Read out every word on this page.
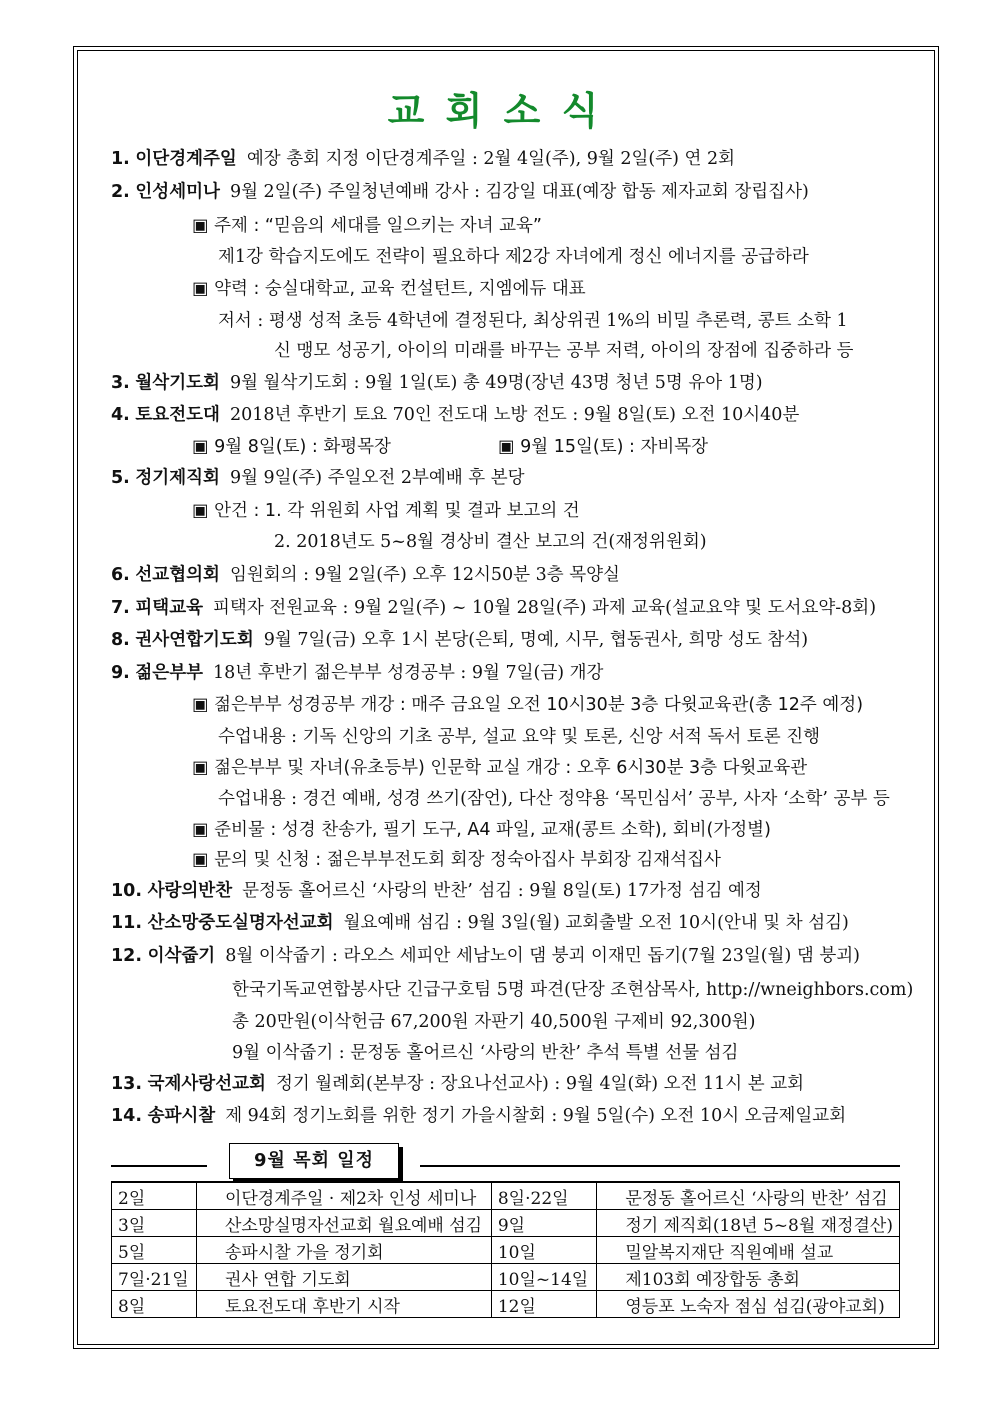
교 회 소 식
1. 이단경계주일 예장 총회 지정 이단경계주일 : 2월 4일(주), 9월 2일(주) 연 2회
2. 인성세미나 9월 2일(주) 주일청년예배 강사 : 김강일 대표(예장 합동 제자교회 장립집사)
▣ 주제 : “믿음의 세대를 일으키는 자녀 교육”
제1강 학습지도에도 전략이 필요하다 제2강 자녀에게 정신 에너지를 공급하라
▣ 약력 : 숭실대학교, 교육 컨설턴트, 지엠에듀 대표
저서 : 평생 성적 초등 4학년에 결정된다, 최상위권 1%의 비밀 추론력, 콩트 소학 1
신 맹모 성공기, 아이의 미래를 바꾸는 공부 저력, 아이의 장점에 집중하라 등
3. 월삭기도회 9월 월삭기도회 : 9월 1일(토) 총 49명(장년 43명 청년 5명 유아 1명)
4. 토요전도대 2018년 후반기 토요 70인 전도대 노방 전도 : 9월 8일(토) 오전 10시40분
▣ 9월 8일(토) : 화평목장	▣ 9월 15일(토) : 자비목장
5. 정기제직회 9월 9일(주) 주일오전 2부예배 후 본당
▣ 안건 : 1. 각 위원회 사업 계획 및 결과 보고의 건
2. 2018년도 5~8월 경상비 결산 보고의 건(재정위원회)
6. 선교협의회 임원회의 : 9월 2일(주) 오후 12시50분 3층 목양실
7. 피택교육 피택자 전원교육 : 9월 2일(주) ~ 10월 28일(주) 과제 교육(설교요약 및 도서요약-8회)
8. 권사연합기도회 9월 7일(금) 오후 1시 본당(은퇴, 명예, 시무, 협동권사, 희망 성도 참석)
9. 젊은부부 18년 후반기 젊은부부 성경공부 : 9월 7일(금) 개강
▣ 젊은부부 성경공부 개강 : 매주 금요일 오전 10시30분 3층 다윗교육관(총 12주 예정)
수업내용 : 기독 신앙의 기초 공부, 설교 요약 및 토론, 신앙 서적 독서 토론 진행
▣ 젊은부부 및 자녀(유초등부) 인문학 교실 개강 : 오후 6시30분 3층 다윗교육관
수업내용 : 경건 예배, 성경 쓰기(잠언), 다산 정약용 ‘목민심서’ 공부, 사자 ‘소학’ 공부 등
▣ 준비물 : 성경 찬송가, 필기 도구, A4 파일, 교재(콩트 소학), 회비(가정별)
▣ 문의 및 신청 : 젊은부부전도회 회장 정숙아집사 부회장 김재석집사
10. 사랑의반찬 문정동 홀어르신 ‘사랑의 반찬’ 섬김 : 9월 8일(토) 17가정 섬김 예정
11. 산소망중도실명자선교회 월요예배 섬김 : 9월 3일(월) 교회출발 오전 10시(안내 및 차 섬김)
12. 이삭줍기 8월 이삭줍기 : 라오스 세피안 세남노이 댐 붕괴 이재민 돕기(7월 23일(월) 댐 붕괴)
한국기독교연합봉사단 긴급구호팀 5명 파견(단장 조현삼목사, http://wneighbors.com)
총 20만원(이삭헌금 67,200원 자판기 40,500원 구제비 92,300원)
9월 이삭줍기 : 문정동 홀어르신 ‘사랑의 반찬’ 추석 특별 선물 섬김
13. 국제사랑선교회 정기 월례회(본부장 : 장요나선교사) : 9월 4일(화) 오전 11시 본 교회
14. 송파시찰 제 94회 정기노회를 위한 정기 가을시찰회 : 9월 5일(수) 오전 10시 오금제일교회
9월 목회 일정
2일	이단경계주일 · 제2차 인성 세미나	8일·22일	문정동 홀어르신 ‘사랑의 반찬’ 섬김
3일	산소망실명자선교회 월요예배 섬김	9일	정기 제직회(18년 5~8월 재정결산)
5일	송파시찰 가을 정기회	10일	밀알복지재단 직원예배 설교
7일·21일	권사 연합 기도회	10일~14일	제103회 예장합동 총회
8일	토요전도대 후반기 시작	12일	영등포 노숙자 점심 섬김(광야교회)
